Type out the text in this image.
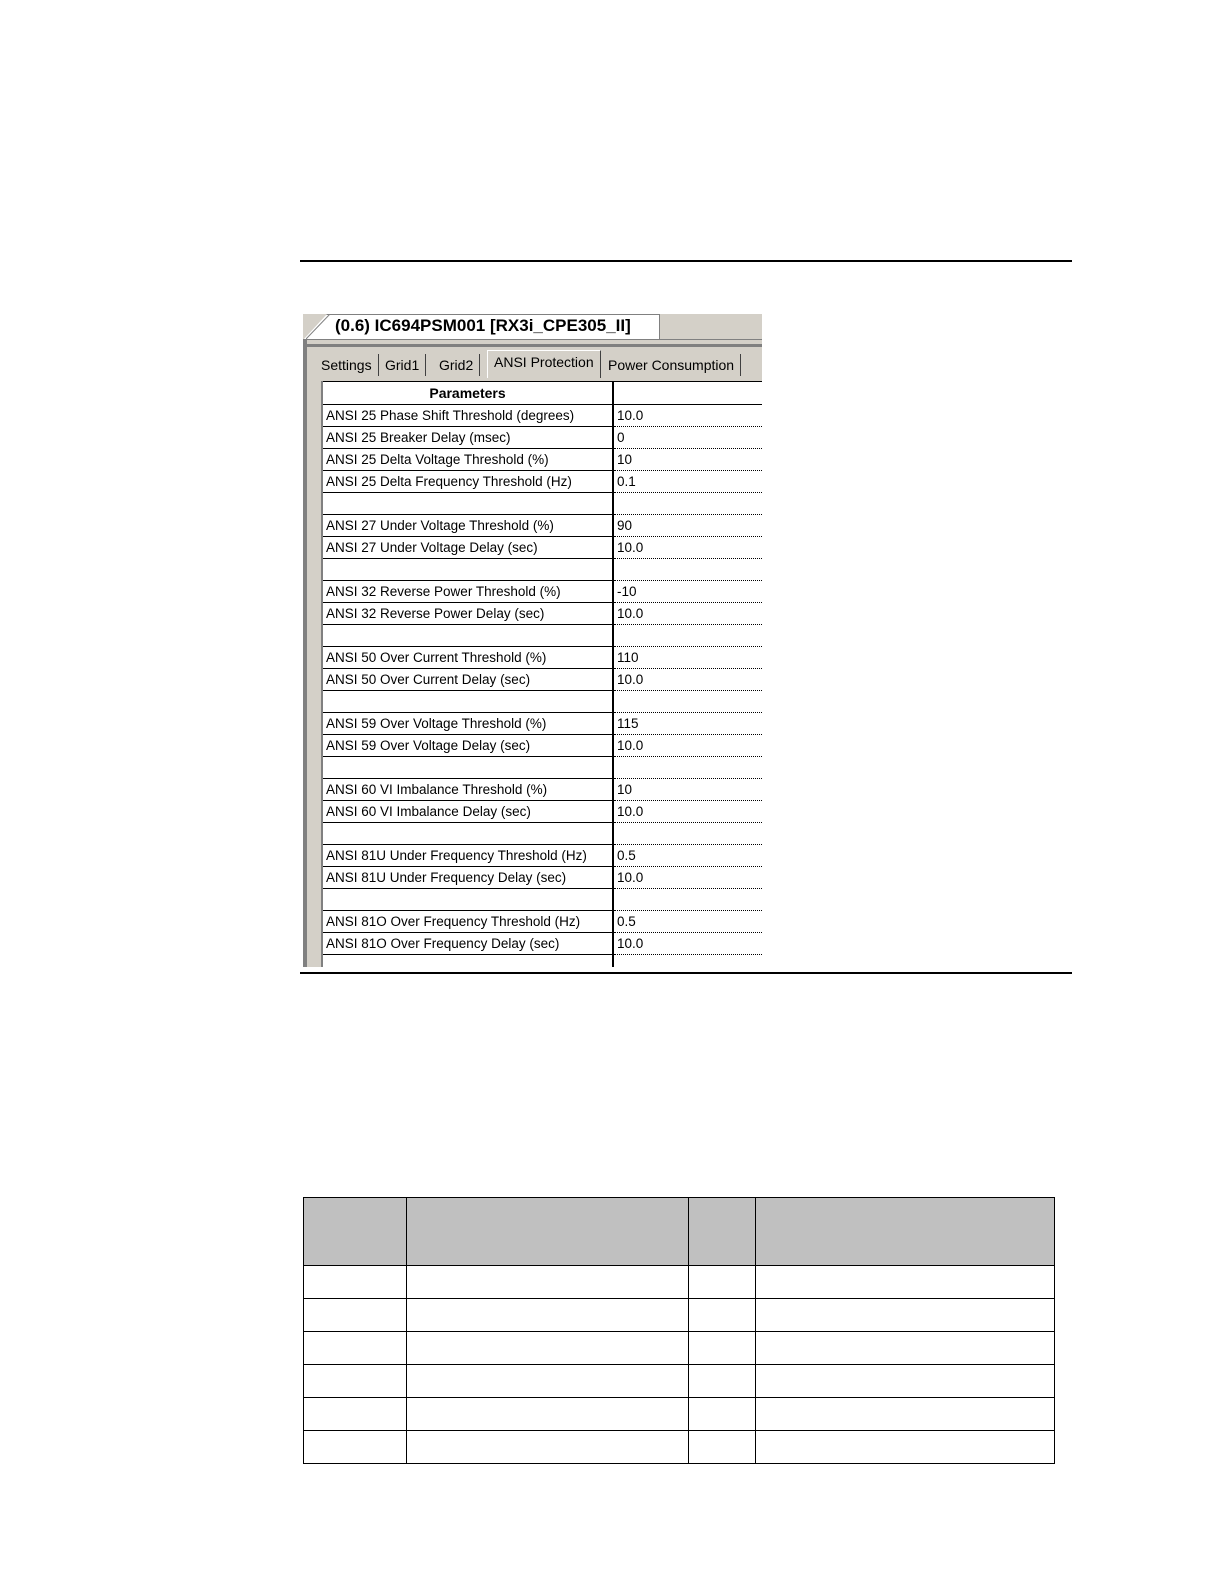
(0.6) IC694PSM001 [RX3i_CPE305_II]
Settings Grid1	Grid2	ANSI Protection	Power Consumption
Parameters
ANSI 25 Phase Shift Threshold (degrees)	10.0
ANSI 25 Breaker Delay (msec)	0
ANSI 25 Delta Voltage Threshold (%)	10
ANSI 25 Delta Frequency Threshold (Hz)	0.1
ANSI 27 Under Voltage Threshold (%)	90
ANSI 27 Under Voltage Delay (sec)	10.0
ANSI 32 Reverse Power Threshold (%)	-10
ANSI 32 Reverse Power Delay (sec)	10.0
ANSI 50 Over Current Threshold (%)	110
ANSI 50 Over Current Delay (sec)	10.0
ANSI 59 Over Voltage Threshold (%)	115
ANSI 59 Over Voltage Delay (sec)	10.0
ANSI 60 VI Imbalance Threshold (%)	10
ANSI 60 VI Imbalance Delay (sec)	10.0
ANSI 81U Under Frequency Threshold (Hz)	0.5
ANSI 81U Under Frequency Delay (sec)	10.0
ANSI 81O Over Frequency Threshold (Hz)	0.5
ANSI 81O Over Frequency Delay (sec)	10.0
